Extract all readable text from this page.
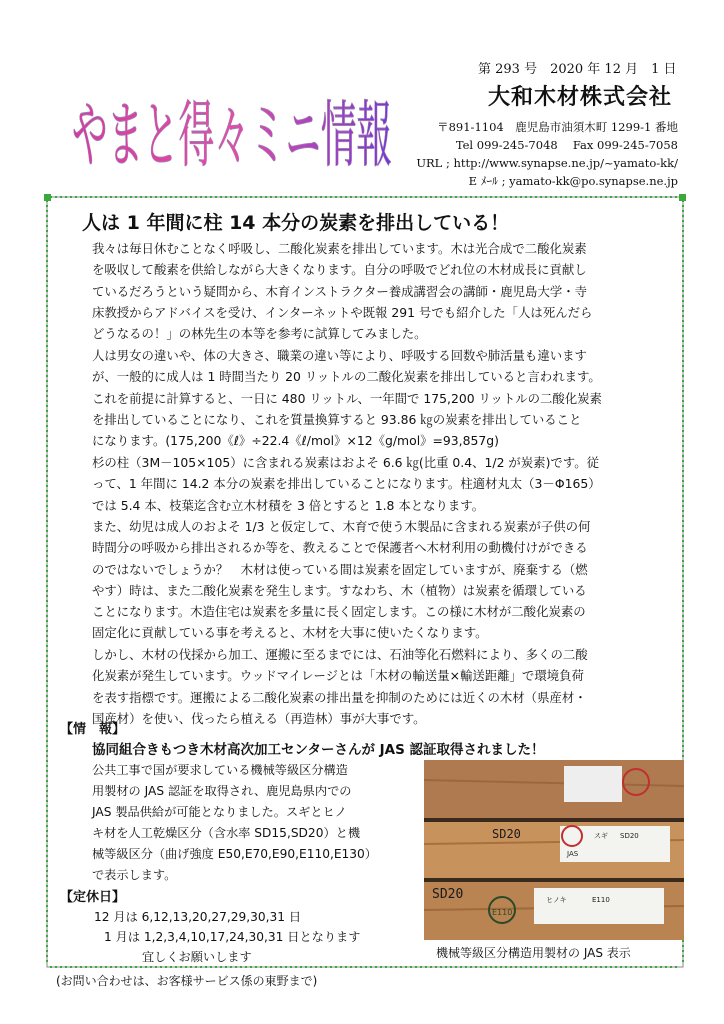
やまと得々ミニ情報
第 293 号　2020 年 12 月　1 日
大和木材株式会社
〒891-1104　鹿児島市油須木町 1299-1 番地
Tel 099-245-7048　 Fax 099-245-7058
URL ; http://www.synapse.ne.jp/~yamato-kk/
E ﾒｰﾙ ; yamato-kk@po.synapse.ne.jp
人は 1 年間に柱 14 本分の炭素を排出している！
我々は毎日休むことなく呼吸し、二酸化炭素を排出しています。木は光合成で二酸化炭素
を吸収して酸素を供給しながら大きくなります。自分の呼吸でどれ位の木材成長に貢献し
ているだろうという疑問から、木育インストラクター養成講習会の講師・鹿児島大学・寺
床教授からアドバイスを受け、インターネットや既報 291 号でも紹介した「人は死んだら
どうなるの！」の林先生の本等を参考に試算してみました。
人は男女の違いや、体の大きさ、職業の違い等により、呼吸する回数や肺活量も違います
が、一般的に成人は 1 時間当たり 20 リットルの二酸化炭素を排出していると言われます。
これを前提に計算すると、一日に 480 リットル、一年間で 175,200 リットルの二酸化炭素
を排出していることになり、これを質量換算すると 93.86 ㎏の炭素を排出していること
になります。(175,200《ℓ》÷22.4《ℓ/mol》×12《g/mol》=93,857g)
杉の柱（3M－105×105）に含まれる炭素はおよそ 6.6 ㎏(比重 0.4、1/2 が炭素)です。従
って、1 年間に 14.2 本分の炭素を排出していることになります。柱適材丸太（3－Φ165）
では 5.4 本、枝葉迄含む立木材積を 3 倍とすると 1.8 本となります。
また、幼児は成人のおよそ 1/3 と仮定して、木育で使う木製品に含まれる炭素が子供の何
時間分の呼吸から排出されるか等を、教えることで保護者へ木材利用の動機付けができる
のではないでしょうか？　木材は使っている間は炭素を固定していますが、廃棄する（燃
やす）時は、また二酸化炭素を発生します。すなわち、木（植物）は炭素を循環している
ことになります。木造住宅は炭素を多量に長く固定します。この様に木材が二酸化炭素の
固定化に貢献している事を考えると、木材を大事に使いたくなります。
しかし、木材の伐採から加工、運搬に至るまでには、石油等化石燃料により、多くの二酸
化炭素が発生しています。ウッドマイレージとは「木材の輸送量×輸送距離」で環境負荷
を表す指標です。運搬による二酸化炭素の排出量を抑制のためには近くの木材（県産材・
国産材）を使い、伐ったら植える（再造林）事が大事です。
【情　報】
協同組合きもつき木材高次加工センターさんが JAS 認証取得されました！
公共工事で国が要求している機械等級区分構造
用製材の JAS 認証を取得され、鹿児島県内での
JAS 製品供給が可能となりました。スギとヒノ
キ材を人工乾燥区分（含水率 SD15,SD20）と機
械等級区分（曲げ強度 E50,E70,E90,E110,E130）
で表示します。
SD20
JAS
スギ SD20
SD20
E110
ヒノキ	E110
機械等級区分構造用製材の JAS 表示
【定休日】
12 月は 6,12,13,20,27,29,30,31 日
1 月は 1,2,3,4,10,17,24,30,31 日となります
宜しくお願いします
(お問い合わせは、お客様サービス係の東野まで)
